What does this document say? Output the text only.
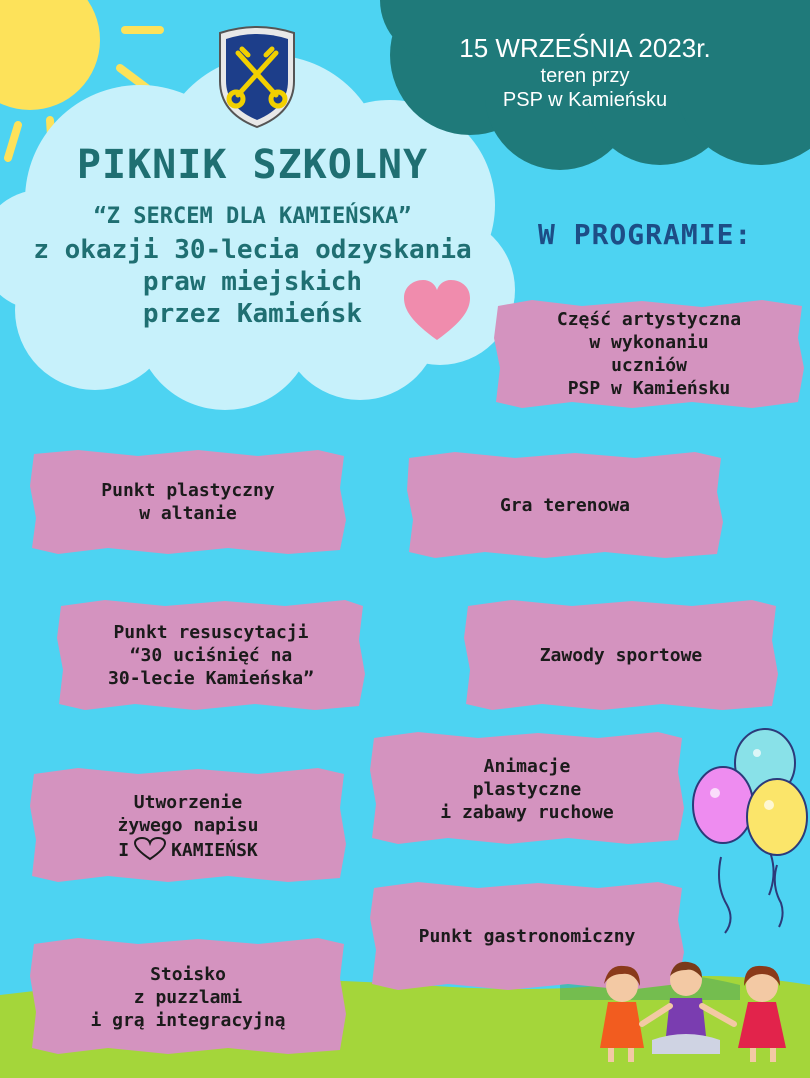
15 WRZEŚNIA 2023r.
teren przy
PSP w Kamieńsku
PIKNIK SZKOLNY
“Z SERCEM DLA KAMIEŃSKA”
z okazji 30-lecia odzyskania
praw miejskich
przez Kamieńsk
W PROGRAMIE:
Część artystyczna
w wykonaniu
uczniów
PSP w Kamieńsku
Punkt plastyczny
w altanie	Gra terenowa
Punkt resuscytacji
“30 uciśnięć na
30-lecie Kamieńska”
Zawody sportowe
Animacje
plastyczne
i zabawy ruchowe
Utworzenie
żywego napisu
I KAMIEŃSK
Punkt gastronomiczny
Stoisko
z puzzlami
i grą integracyjną
